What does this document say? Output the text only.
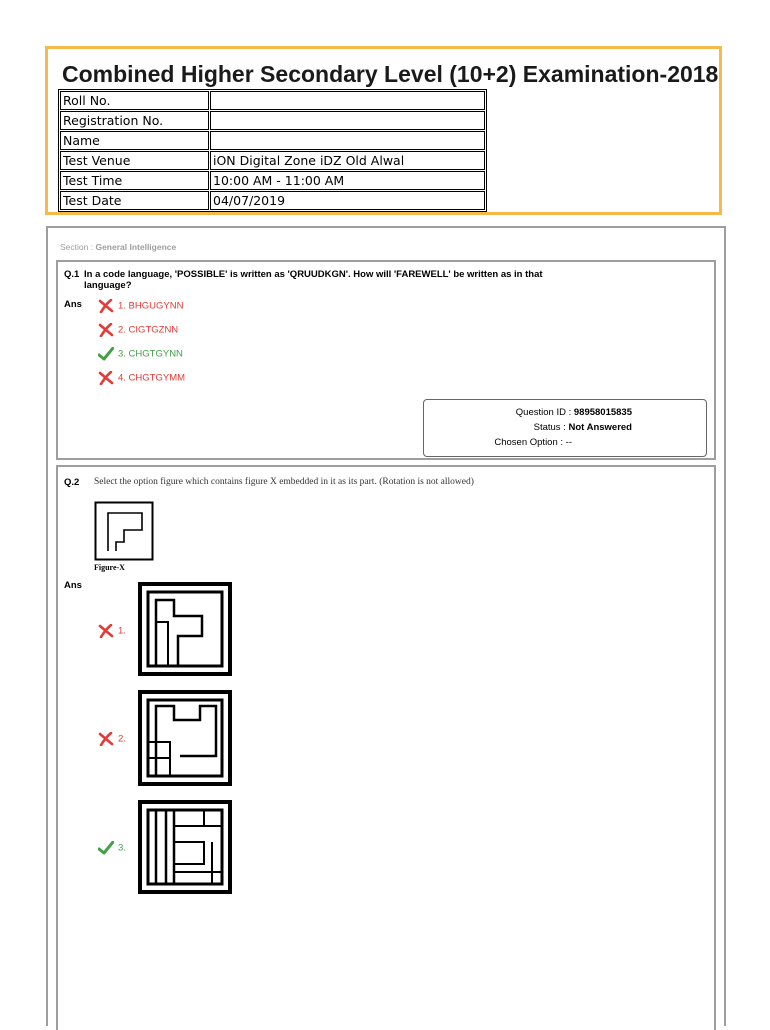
Combined Higher Secondary Level (10+2) Examination-2018
Roll No.	
Registration No.	
Name	
Test Venue	iON Digital Zone iDZ Old Alwal
Test Time	10:00 AM - 11:00 AM
Test Date	04/07/2019
Section : General Intelligence
Q.1 In a code language, 'POSSIBLE' is written as 'QRUUDKGN'. How will 'FAREWELL' be written as in that language?
Ans	1. BHGUGYNN
2. CIGTGZNN
3. CHGTGYNN
4. CHGTGYMM
Question ID : 98958015835
Status : Not Answered
Chosen Option : --
Q.2 Select the option figure which contains figure X embedded in it as its part. (Rotation is not allowed)
Figure-X
Ans
1.
2.
3.
